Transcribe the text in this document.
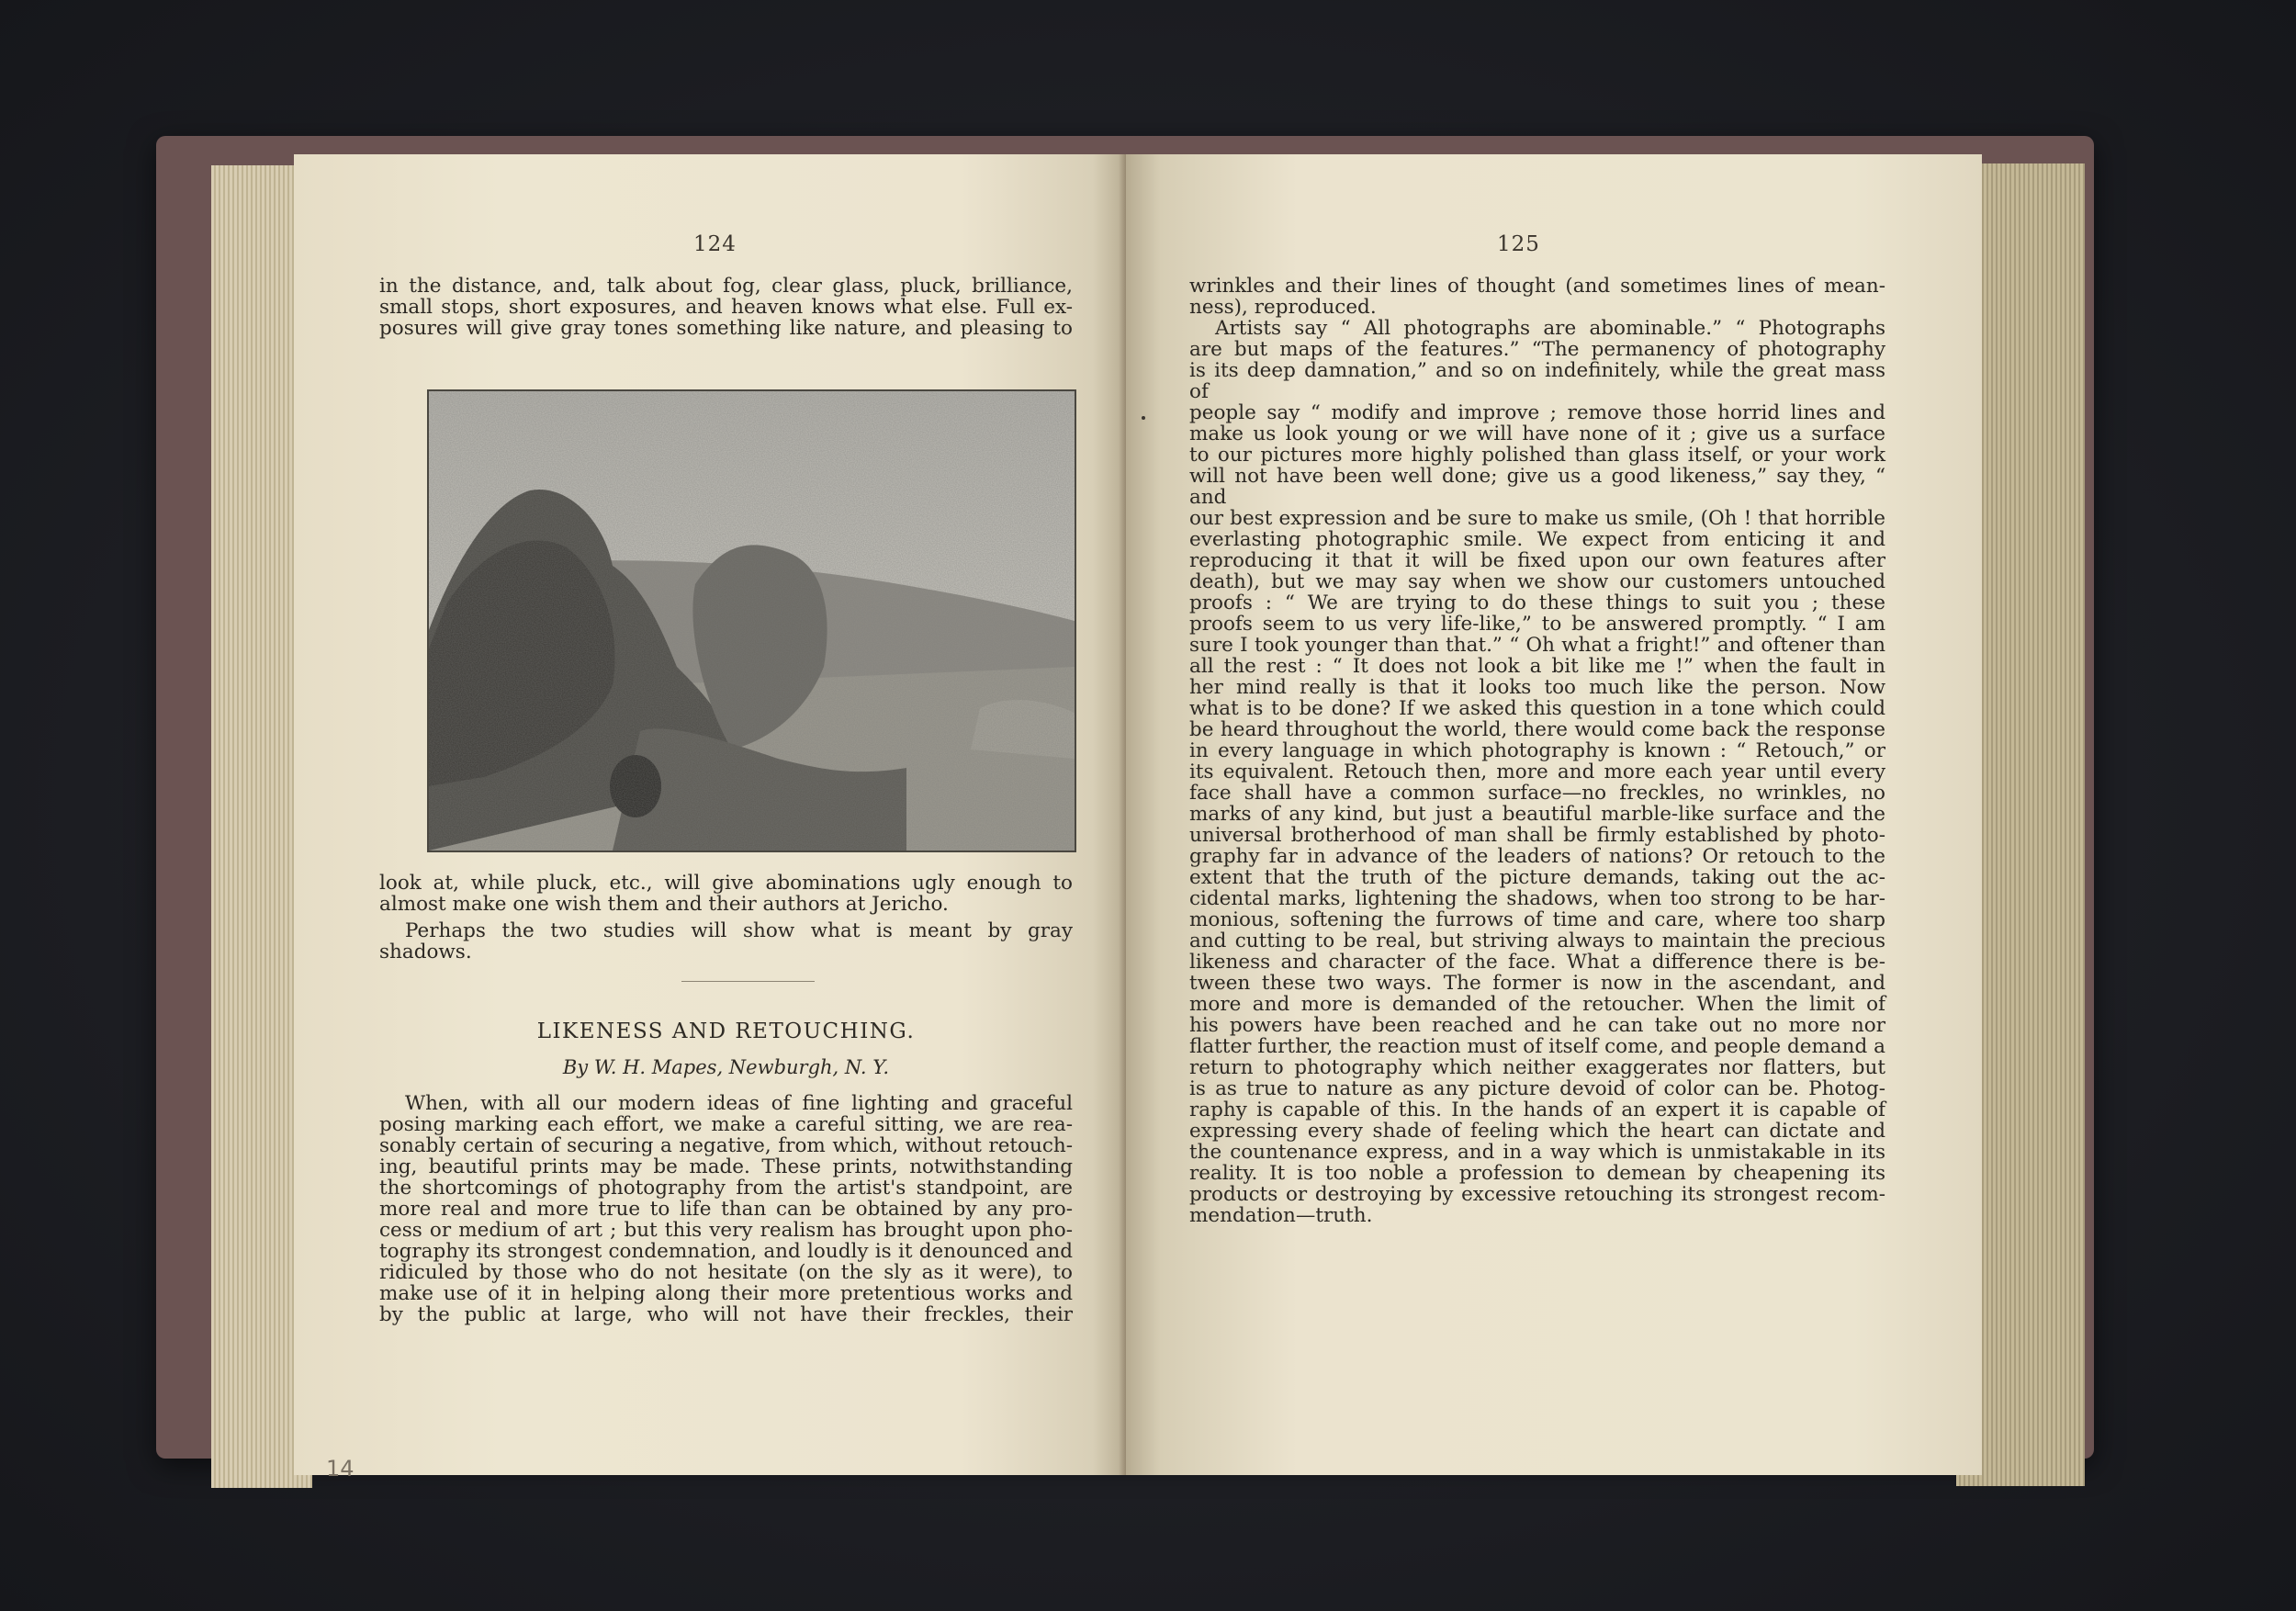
124

in the distance, and, talk about fog, clear glass, pluck, brilliance,

small stops, short exposures, and heaven knows what else. Full ex-

posures will give gray tones something like nature, and pleasing to

look at, while pluck, etc., will give abominations ugly enough to

almost make one wish them and their authors at Jericho.

Perhaps the two studies will show what is meant by gray shadows.

LIKENESS AND RETOUCHING.
By W. H. Mapes, Newburgh, N. Y.

When, with all our modern ideas of fine lighting and graceful

posing marking each effort, we make a careful sitting, we are rea-

sonably certain of securing a negative, from which, without retouch-

ing, beautiful prints may be made. These prints, notwithstanding

the shortcomings of photography from the artist's standpoint, are

more real and more true to life than can be obtained by any pro-

cess or medium of art ; but this very realism has brought upon pho-

tography its strongest condemnation, and loudly is it denounced and

ridiculed by those who do not hesitate (on the sly as it were), to

make use of it in helping along their more pretentious works and

by the public at large, who will not have their freckles, their

14
125

wrinkles and their lines of thought (and sometimes lines of mean-

ness), reproduced.

Artists say “ All photographs are abominable.” “ Photographs

are but maps of the features.” “The permanency of photography

is its deep damnation,” and so on indefinitely, while the great mass of

people say “ modify and improve ; remove those horrid lines and

make us look young or we will have none of it ; give us a surface

to our pictures more highly polished than glass itself, or your work

will not have been well done; give us a good likeness,” say they, “ and

our best expression and be sure to make us smile, (Oh ! that horrible

everlasting photographic smile. We expect from enticing it and

reproducing it that it will be fixed upon our own features after

death), but we may say when we show our customers untouched

proofs : “ We are trying to do these things to suit you ; these

proofs seem to us very life-like,” to be answered promptly. “ I am

sure I took younger than that.” “ Oh what a fright!” and oftener than

all the rest : “ It does not look a bit like me !” when the fault in

her mind really is that it looks too much like the person. Now

what is to be done? If we asked this question in a tone which could

be heard throughout the world, there would come back the response

in every language in which photography is known : “ Retouch,” or

its equivalent. Retouch then, more and more each year until every

face shall have a common surface—no freckles, no wrinkles, no

marks of any kind, but just a beautiful marble-like surface and the

universal brotherhood of man shall be firmly established by photo-

graphy far in advance of the leaders of nations? Or retouch to the

extent that the truth of the picture demands, taking out the ac-

cidental marks, lightening the shadows, when too strong to be har-

monious, softening the furrows of time and care, where too sharp

and cutting to be real, but striving always to maintain the precious

likeness and character of the face. What a difference there is be-

tween these two ways. The former is now in the ascendant, and

more and more is demanded of the retoucher. When the limit of

his powers have been reached and he can take out no more nor

flatter further, the reaction must of itself come, and people demand a

return to photography which neither exaggerates nor flatters, but

is as true to nature as any picture devoid of color can be. Photog-

raphy is capable of this. In the hands of an expert it is capable of

expressing every shade of feeling which the heart can dictate and

the countenance express, and in a way which is unmistakable in its

reality. It is too noble a profession to demean by cheapening its

products or destroying by excessive retouching its strongest recom-

mendation—truth.
